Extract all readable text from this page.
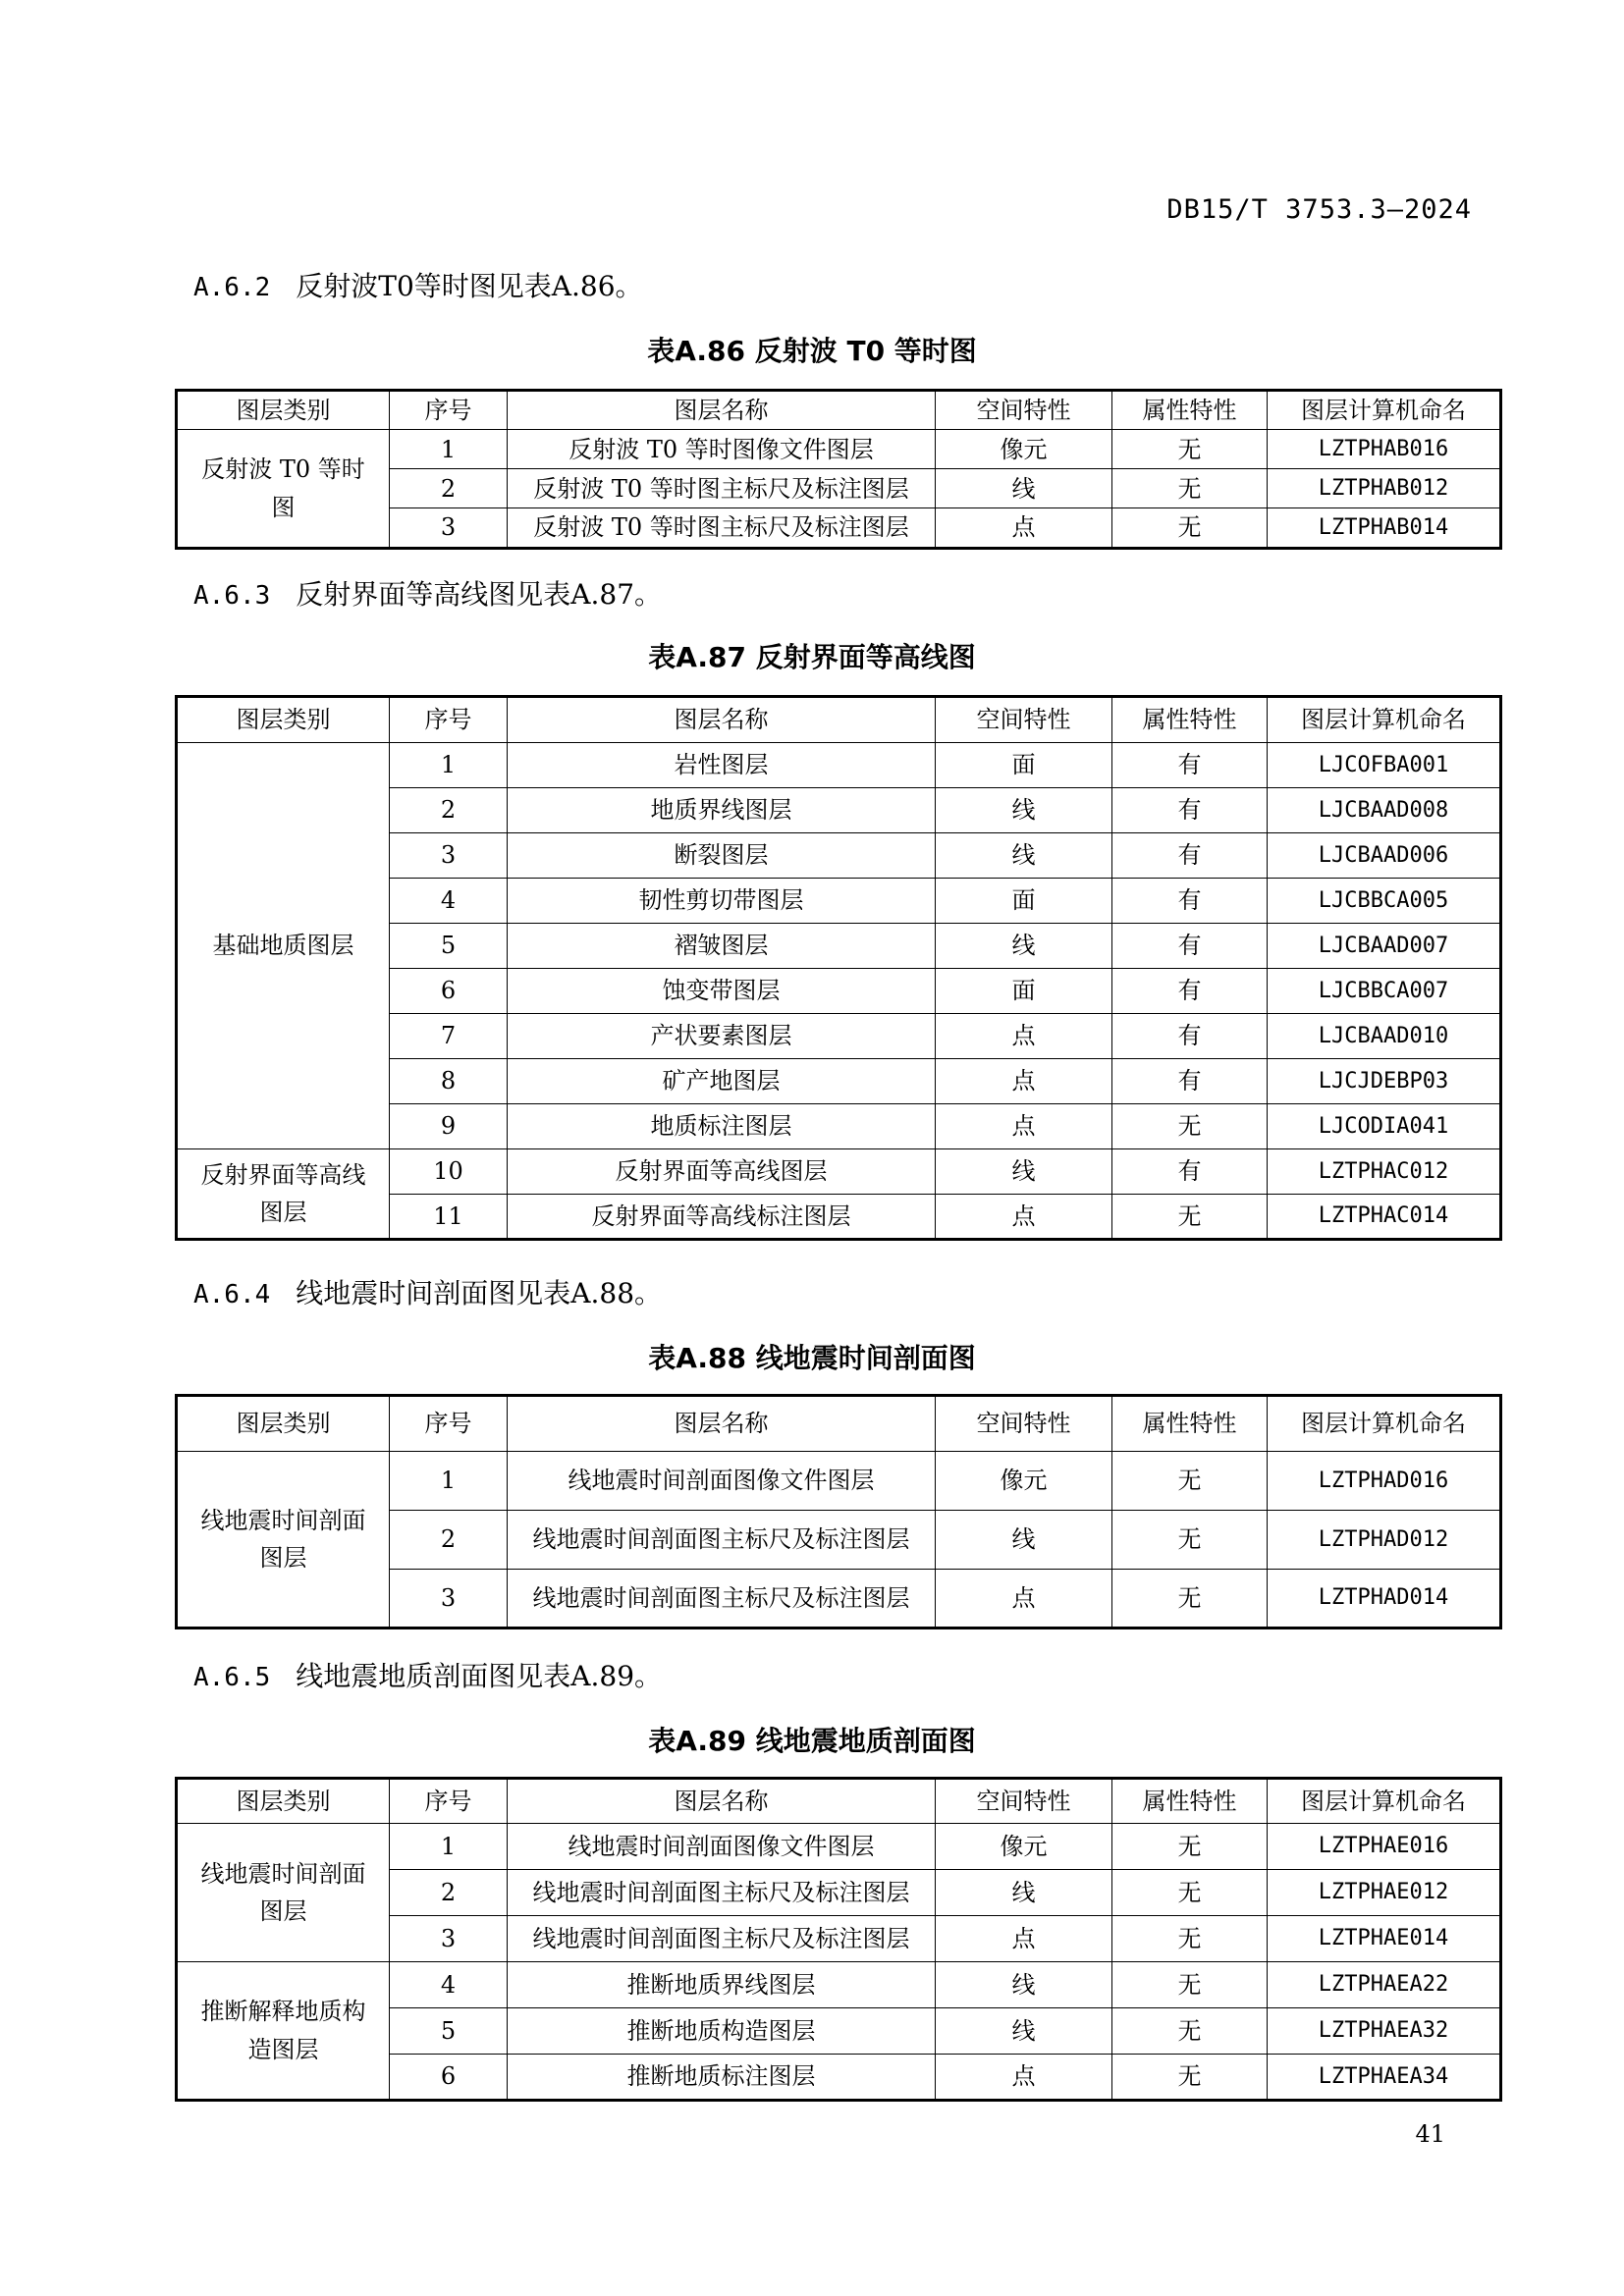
DB15/T 3753.3—2024
A.6.2 反射波T0等时图见表A.86。
表A.86 反射波 T0 等时图
图层类别	序号	图层名称	空间特性	属性特性	图层计算机命名
反射波 T0 等时图	1	反射波 T0 等时图像文件图层	像元	无	LZTPHAB016
	2	反射波 T0 等时图主标尺及标注图层	线	无	LZTPHAB012
	3	反射波 T0 等时图主标尺及标注图层	点	无	LZTPHAB014
A.6.3 反射界面等高线图见表A.87。
表A.87 反射界面等高线图
图层类别	序号	图层名称	空间特性	属性特性	图层计算机命名
基础地质图层	1	岩性图层	面	有	LJCOFBA001
	2	地质界线图层	线	有	LJCBAAD008
	3	断裂图层	线	有	LJCBAAD006
	4	韧性剪切带图层	面	有	LJCBBCA005
	5	褶皱图层	线	有	LJCBAAD007
	6	蚀变带图层	面	有	LJCBBCA007
	7	产状要素图层	点	有	LJCBAAD010
	8	矿产地图层	点	有	LJCJDEBP03
	9	地质标注图层	点	无	LJCODIA041
反射界面等高线图层	10	反射界面等高线图层	线	有	LZTPHAC012
	11	反射界面等高线标注图层	点	无	LZTPHAC014
A.6.4 线地震时间剖面图见表A.88。
表A.88 线地震时间剖面图
图层类别	序号	图层名称	空间特性	属性特性	图层计算机命名
线地震时间剖面图层	1	线地震时间剖面图像文件图层	像元	无	LZTPHAD016
	2	线地震时间剖面图主标尺及标注图层	线	无	LZTPHAD012
	3	线地震时间剖面图主标尺及标注图层	点	无	LZTPHAD014
A.6.5 线地震地质剖面图见表A.89。
表A.89 线地震地质剖面图
图层类别	序号	图层名称	空间特性	属性特性	图层计算机命名
线地震时间剖面图层	1	线地震时间剖面图像文件图层	像元	无	LZTPHAE016
	2	线地震时间剖面图主标尺及标注图层	线	无	LZTPHAE012
	3	线地震时间剖面图主标尺及标注图层	点	无	LZTPHAE014
推断解释地质构造图层	4	推断地质界线图层	线	无	LZTPHAEA22
	5	推断地质构造图层	线	无	LZTPHAEA32
	6	推断地质标注图层	点	无	LZTPHAEA34
41
